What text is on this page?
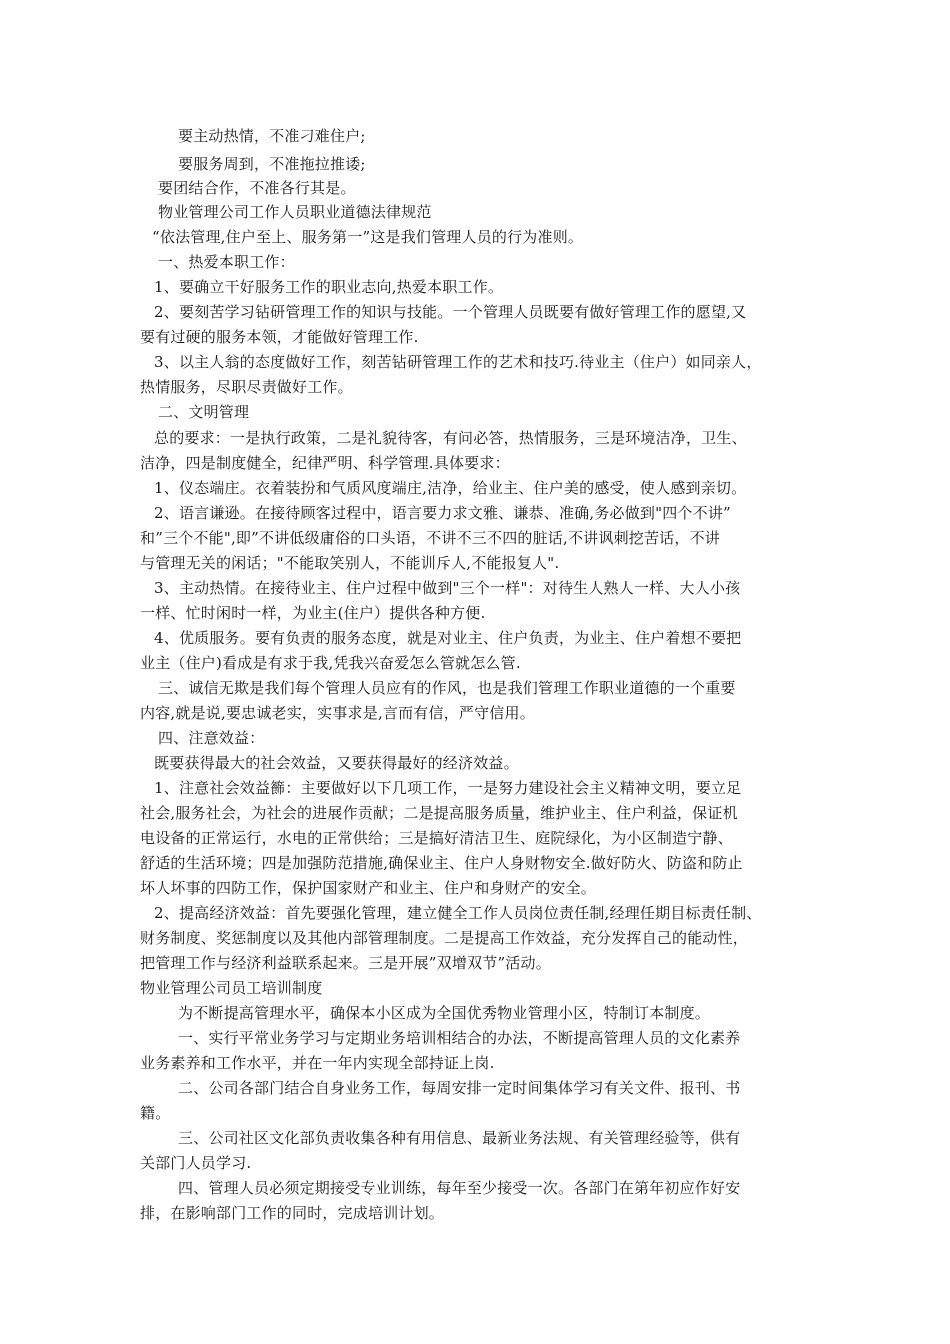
要主动热情，不准刁难住户;
要服务周到，不准拖拉推诿;
要团结合作，不准各行其是。
物业管理公司工作人员职业道德法律规范
“依法管理,住户至上、服务第一”这是我们管理人员的行为准则。
一、热爱本职工作：
1、要确立干好服务工作的职业志向,热爱本职工作。
2、要刻苦学习钻研管理工作的知识与技能。一个管理人员既要有做好管理工作的愿望,又
要有过硬的服务本领，才能做好管理工作.
3、以主人翁的态度做好工作，刻苦钻研管理工作的艺术和技巧.待业主（住户）如同亲人，
热情服务，尽职尽责做好工作。
二、文明管理
总的要求：一是执行政策，二是礼貌待客，有问必答，热情服务，三是环境洁净，卫生、
洁净，四是制度健全，纪律严明、科学管理.具体要求：
1、仪态端庄。衣着装扮和气质风度端庄,洁净，给业主、住户美的感受，使人感到亲切。
2、语言谦逊。在接待顾客过程中，语言要力求文雅、谦恭、准确,务必做到"四个不讲”
和”三个不能",即”不讲低级庸俗的口头语，不讲不三不四的脏话,不讲讽刺挖苦话，不讲
与管理无关的闲话；"不能取笑别人，不能训斥人,不能报复人".
3、主动热情。在接待业主、住户过程中做到"三个一样"：对待生人熟人一样、大人小孩
一样、忙时闲时一样，为业主(住户）提供各种方便.
4、优质服务。要有负责的服务态度，就是对业主、住户负责，为业主、住户着想不要把
业主（住户)看成是有求于我,凭我兴奋爱怎么管就怎么管.
三、诚信无欺是我们每个管理人员应有的作风，也是我们管理工作职业道德的一个重要
内容,就是说,要忠诚老实，实事求是,言而有信，严守信用。
四、注意效益：
既要获得最大的社会效益，又要获得最好的经济效益。
1、注意社会效益籂：主要做好以下几项工作，一是努力建设社会主义精神文明，要立足
社会,服务社会，为社会的进展作贡献；二是提高服务质量，维护业主、住户利益，保证机
电设备的正常运行，水电的正常供给；三是搞好清洁卫生、庭院绿化，为小区制造宁静、
舒适的生活环境；四是加强防范措施,确保业主、住户人身财物安全.做好防火、防盗和防止
坏人坏事的四防工作，保护国家财产和业主、住户和身财产的安全。
2、提高经济效益：首先要强化管理，建立健全工作人员岗位责任制,经理任期目标责任制、
财务制度、奖惩制度以及其他内部管理制度。二是提高工作效益，充分发挥自己的能动性，
把管理工作与经济利益联系起来。三是开展”双增双节”活动。
物业管理公司员工培训制度
为不断提高管理水平，确保本小区成为全国优秀物业管理小区，特制订本制度。
一、实行平常业务学习与定期业务培训相结合的办法，不断提高管理人员的文化素养
业务素养和工作水平，并在一年内实现全部持证上岗.
二、公司各部门结合自身业务工作，每周安排一定时间集体学习有关文件、报刊、书
籍。
三、公司社区文化部负责收集各种有用信息、最新业务法规、有关管理经验等，供有
关部门人员学习.
四、管理人员必须定期接受专业训练，每年至少接受一次。各部门在第年初应作好安
排，在影响部门工作的同时，完成培训计划。
